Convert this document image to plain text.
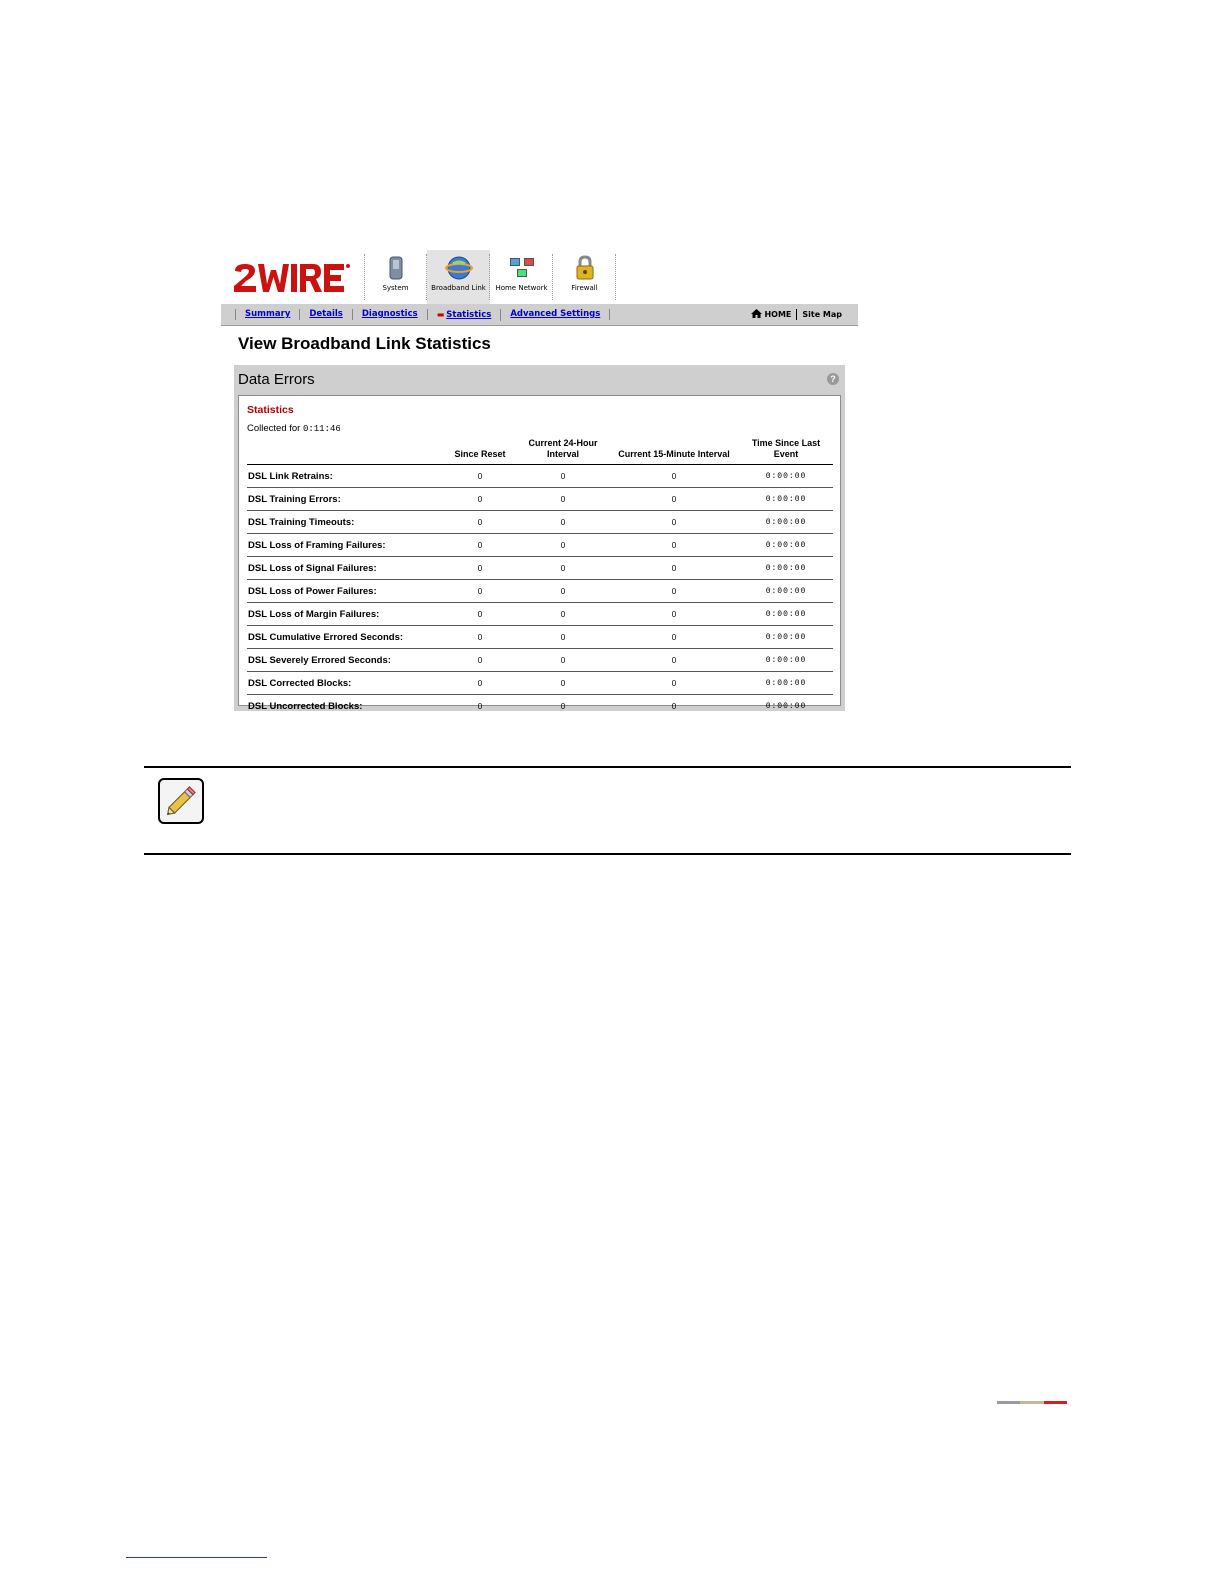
System	Broadband Link	Home Network	Firewall
Summary	Details	Diagnostics	▬ Statistics	Advanced Settings	HOME	Site Map
View Broadband Link Statistics
Data Errors	?
Statistics
Collected for 0:11:46
	Since Reset	Current 24-Hour Interval	Current 15-Minute Interval	Time Since Last Event
DSL Link Retrains:	0	0	0	0:00:00
DSL Training Errors:	0	0	0	0:00:00
DSL Training Timeouts:	0	0	0	0:00:00
DSL Loss of Framing Failures:	0	0	0	0:00:00
DSL Loss of Signal Failures:	0	0	0	0:00:00
DSL Loss of Power Failures:	0	0	0	0:00:00
DSL Loss of Margin Failures:	0	0	0	0:00:00
DSL Cumulative Errored Seconds:	0	0	0	0:00:00
DSL Severely Errored Seconds:	0	0	0	0:00:00
DSL Corrected Blocks:	0	0	0	0:00:00
DSL Uncorrected Blocks:	0	0	0	0:00:00
